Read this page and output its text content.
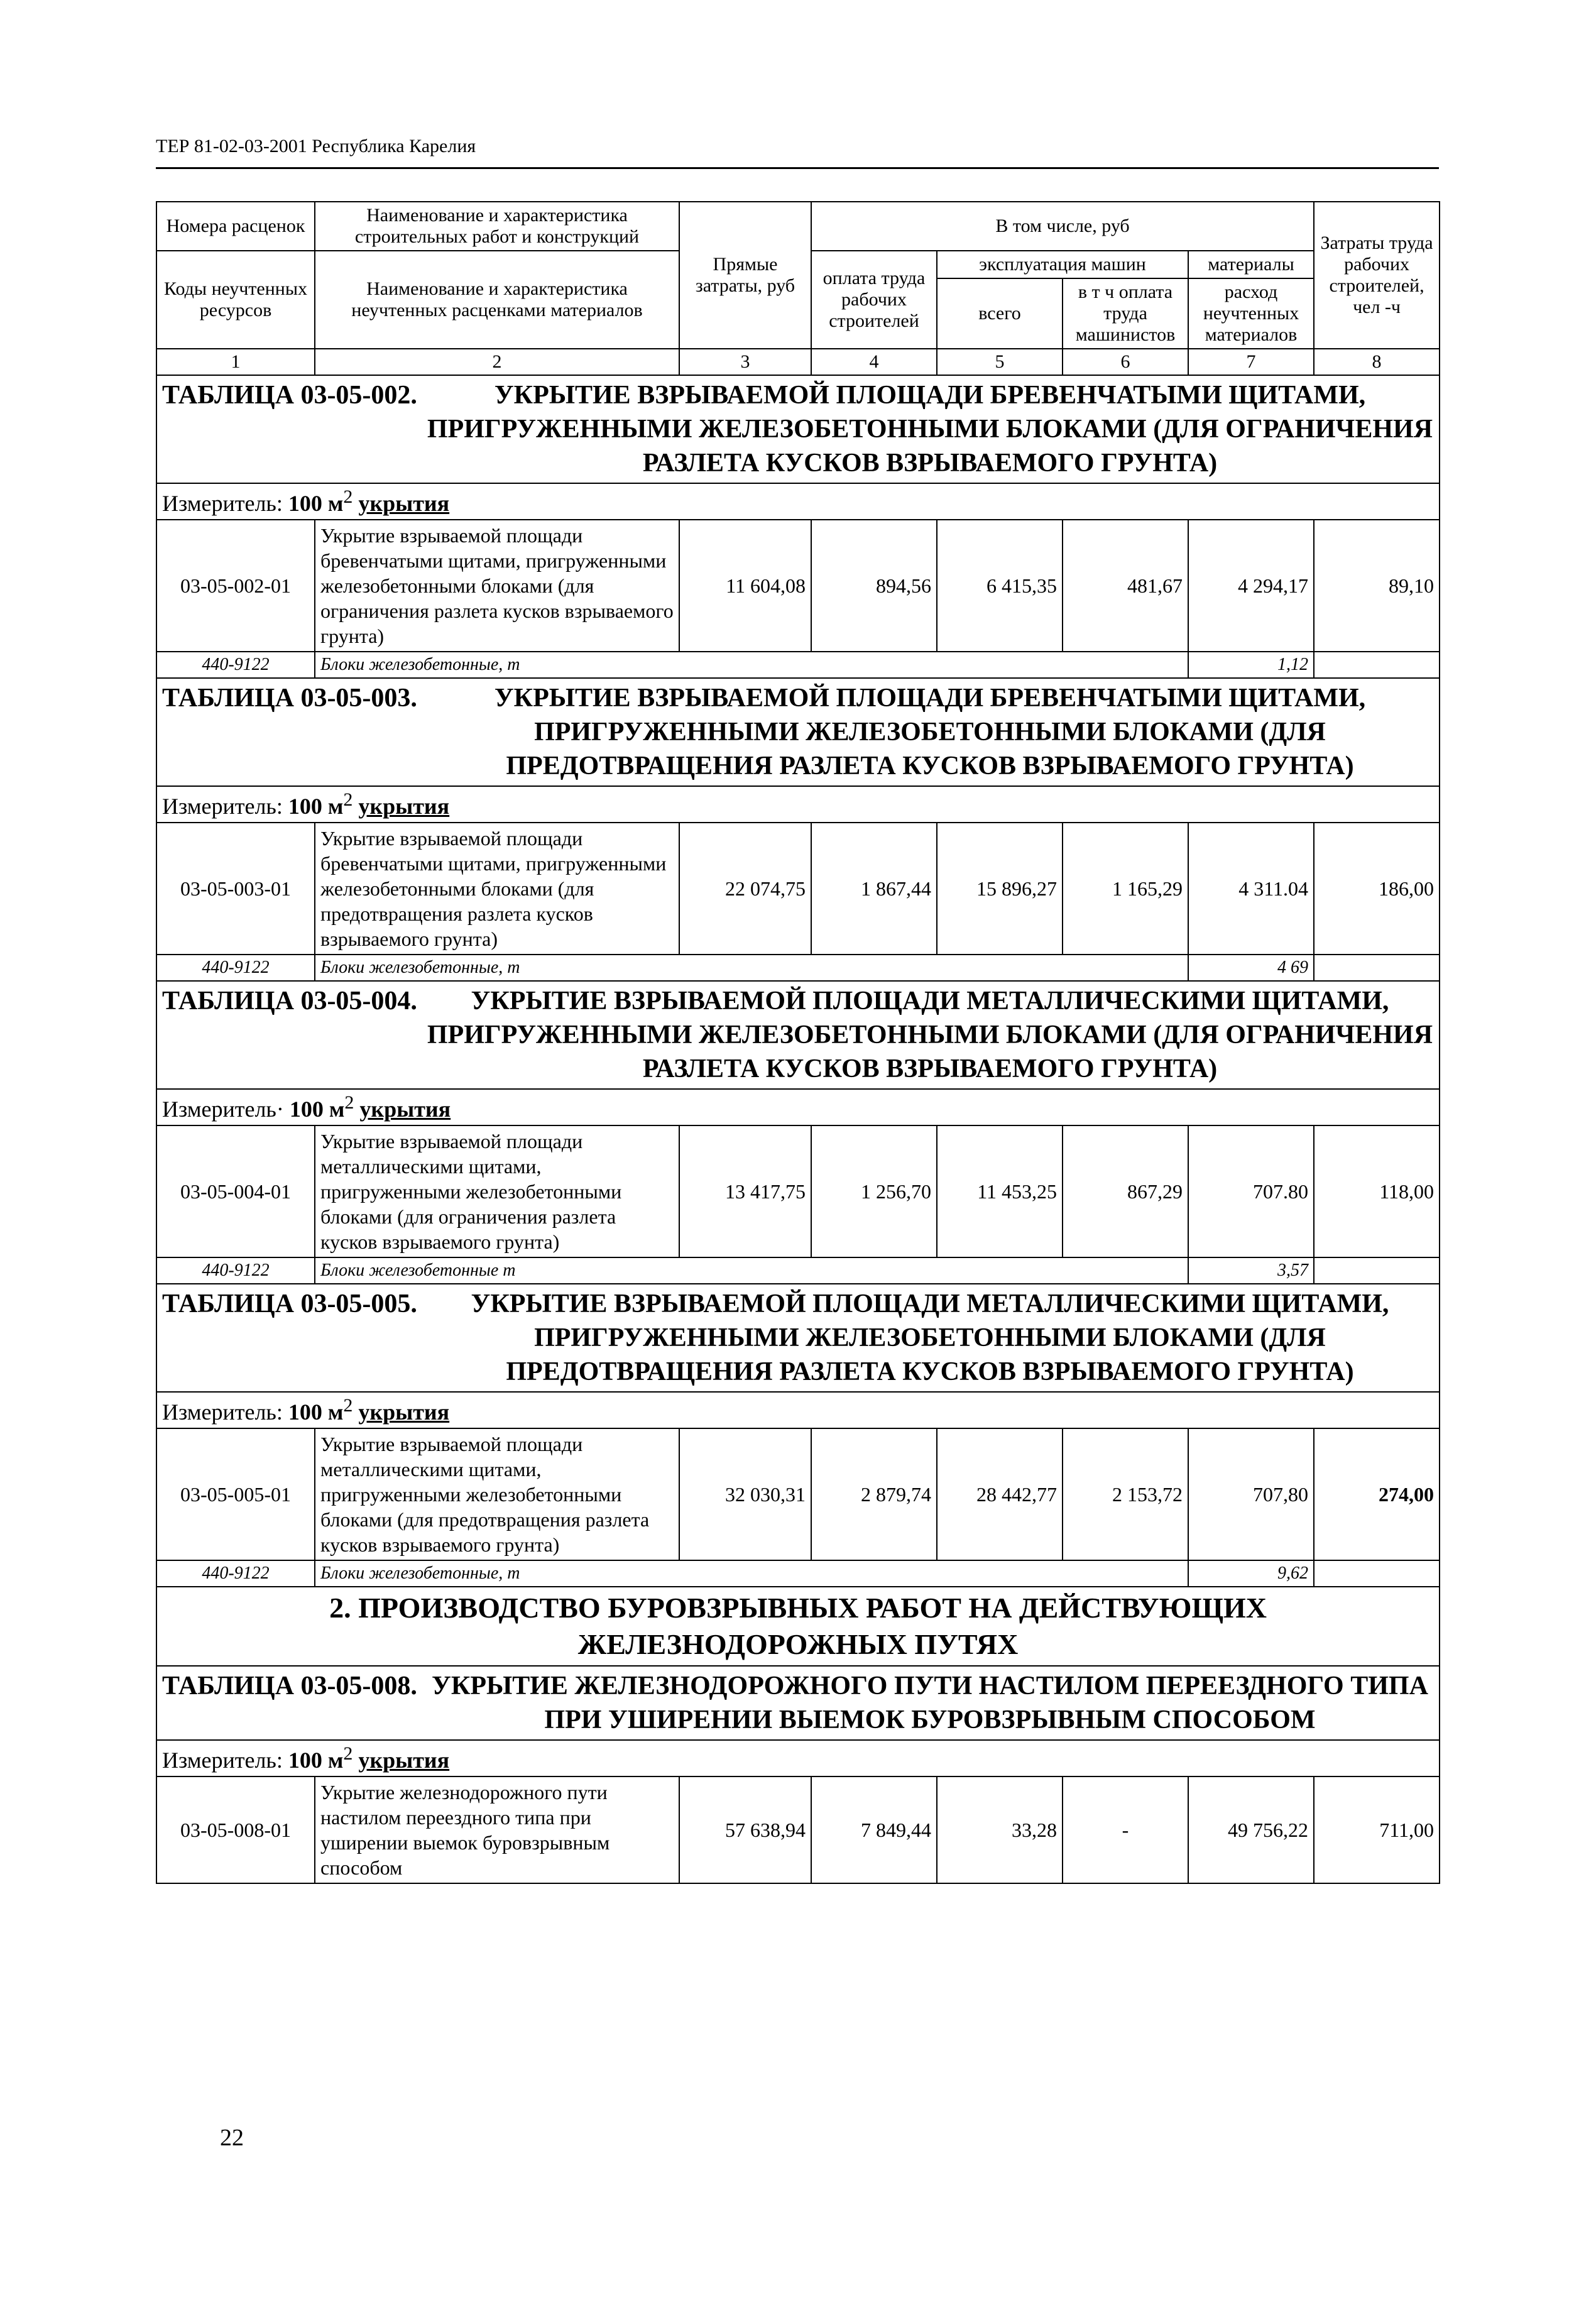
ТЕР 81-02-03-2001 Республика Карелия
Номера расценок	Наименование и характеристика строительных работ и конструкций	Прямые затраты, руб	В том числе, руб				Затраты труда рабочих строителей, чел -ч
Коды неучтенных ресурсов	Наименование и характеристика неучтенных расценками материалов		оплата труда рабочих строителей	эксплуатация машин		материалы	
				всего	в т ч оплата труда машинистов	расход неучтенных материалов	
1	2	3	4	5	6	7	8

ТАБЛИЦА 03-05-002. УКРЫТИЕ ВЗРЫВАЕМОЙ ПЛОЩАДИ БРЕВЕНЧАТЫМИ ЩИТАМИ, ПРИГРУЖЕННЫМИ ЖЕЛЕЗОБЕТОННЫМИ БЛОКАМИ (ДЛЯ ОГРАНИЧЕНИЯ РАЗЛЕТА КУСКОВ ВЗРЫВАЕМОГО ГРУНТА)							

Измеритель: 100 $м^2$ укрытия							
03-05-002-01	Укрытие взрываемой площади бревенчатыми щитами, пригруженными железобетонными блоками (для ограничения разлета кусков взрываемого грунта)	11 604,08	894,56	6 415,35	481,67	4 294,17	89,10
440-9122	Блоки железобетонные, т					1,12	

ТАБЛИЦА 03-05-003. УКРЫТИЕ ВЗРЫВАЕМОЙ ПЛОЩАДИ БРЕВЕНЧАТЫМИ ЩИТАМИ, ПРИГРУЖЕННЫМИ ЖЕЛЕЗОБЕТОННЫМИ БЛОКАМИ (ДЛЯ ПРЕДОТВРАЩЕНИЯ РАЗЛЕТА КУСКОВ ВЗРЫВАЕМОГО ГРУНТА)							

Измеритель: 100 $м^2$ укрытия							
03-05-003-01	Укрытие взрываемой площади бревенчатыми щитами, пригруженными железобетонными блоками (для предотвращения разлета кусков взрываемого грунта)	22 074,75	1 867,44	15 896,27	1 165,29	4 311.04	186,00
440-9122	Блоки железобетонные, т					4 69	

ТАБЛИЦА 03-05-004. УКРЫТИЕ ВЗРЫВАЕМОЙ ПЛОЩАДИ МЕТАЛЛИЧЕСКИМИ ЩИТАМИ, ПРИГРУЖЕННЫМИ ЖЕЛЕЗОБЕТОННЫМИ БЛОКАМИ (ДЛЯ ОГРАНИЧЕНИЯ РАЗЛЕТА КУСКОВ ВЗРЫВАЕМОГО ГРУНТА)							

Измеритель· 100 $м^2$ укрытия							
03-05-004-01	Укрытие взрываемой площади металлическими щитами, пригруженными железобетонными блоками (для ограничения разлета кусков взрываемого грунта)	13 417,75	1 256,70	11 453,25	867,29	707.80	118,00
440-9122	Блоки железобетонные т					3,57	

ТАБЛИЦА 03-05-005. УКРЫТИЕ ВЗРЫВАЕМОЙ ПЛОЩАДИ МЕТАЛЛИЧЕСКИМИ ЩИТАМИ, ПРИГРУЖЕННЫМИ ЖЕЛЕЗОБЕТОННЫМИ БЛОКАМИ (ДЛЯ ПРЕДОТВРАЩЕНИЯ РАЗЛЕТА КУСКОВ ВЗРЫВАЕМОГО ГРУНТА)							

Измеритель: 100 $м^2$ укрытия							
03-05-005-01	Укрытие взрываемой площади металлическими щитами, пригруженными железобетонными блоками (для предотвращения разлета кусков взрываемого грунта)	32 030,31	2 879,74	28 442,77	2 153,72	707,80	274,00
440-9122	Блоки железобетонные, т					9,62	
2. ПРОИЗВОДСТВО БУРОВЗРЫВНЫХ РАБОТ НА ДЕЙСТВУЮЩИХ ЖЕЛЕЗНОДОРОЖНЫХ ПУТЯХ							

ТАБЛИЦА 03-05-008. УКРЫТИЕ ЖЕЛЕЗНОДОРОЖНОГО ПУТИ НАСТИЛОМ ПЕРЕЕЗДНОГО ТИПА ПРИ УШИРЕНИИ ВЫЕМОК БУРОВЗРЫВНЫМ СПОСОБОМ							

Измеритель: 100 $м^2$ укрытия							
03-05-008-01	Укрытие железнодорожного пути настилом переездного типа при уширении выемок буровзрывным способом	57 638,94	7 849,44	33,28	-	49 756,22	711,00
22
